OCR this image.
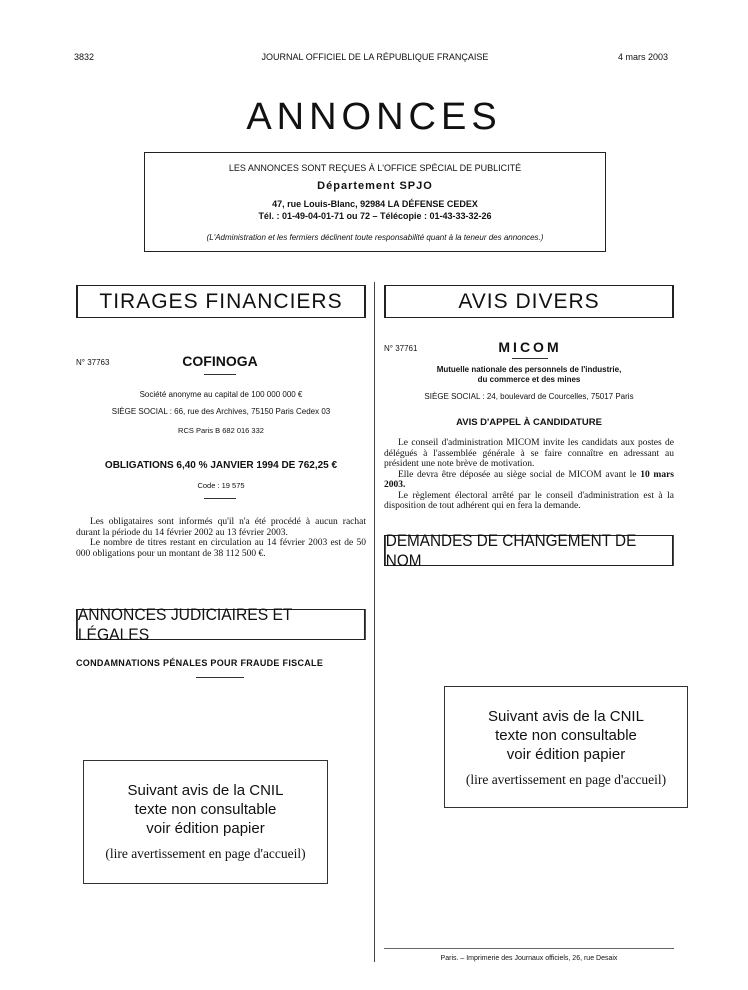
3832	JOURNAL OFFICIEL DE LA RÉPUBLIQUE FRANÇAISE	4 mars 2003
ANNONCES
LES ANNONCES SONT REÇUES À L'OFFICE SPÉCIAL DE PUBLICITÉ
Département SPJO
47, rue Louis-Blanc, 92984 LA DÉFENSE CEDEX
Tél. : 01-49-04-01-71 ou 72 – Télécopie : 01-43-33-32-26
(L'Administration et les fermiers déclinent toute responsabilité quant à la teneur des annonces.)
TIRAGES FINANCIERS
N° 37763	COFINOGA
Société anonyme au capital de 100 000 000 €
SIÈGE SOCIAL : 66, rue des Archives, 75150 Paris Cedex 03
RCS Paris B 682 016 332
OBLIGATIONS 6,40 % JANVIER 1994 DE 762,25 €
Code : 19 575

Les obligataires sont informés qu'il n'a été procédé à aucun rachat durant la période du 14 février 2002 au 13 février 2003.

Le nombre de titres restant en circulation au 14 février 2003 est de 50 000 obligations pour un montant de 38 112 500 €.

ANNONCES JUDICIAIRES ET LÉGALES
CONDAMNATIONS PÉNALES POUR FRAUDE FISCALE
Suivant avis de la CNIL
texte non consultable
voir édition papier
(lire avertissement en page d'accueil)
AVIS DIVERS
N° 37761	MICOM
Mutuelle nationale des personnels de l'industrie,
du commerce et des mines
SIÈGE SOCIAL : 24, boulevard de Courcelles, 75017 Paris
AVIS D'APPEL À CANDIDATURE

Le conseil d'administration MICOM invite les candidats aux postes de délégués à l'assemblée générale à se faire connaître en adressant au président une note brève de motivation.

Elle devra être déposée au siège social de MICOM avant le 10 mars 2003.

Le règlement électoral arrêté par le conseil d'administration est à la disposition de tout adhérent qui en fera la demande.

DEMANDES DE CHANGEMENT DE NOM
Suivant avis de la CNIL
texte non consultable
voir édition papier
(lire avertissement en page d'accueil)
Paris. – Imprimerie des Journaux officiels, 26, rue Desaix
